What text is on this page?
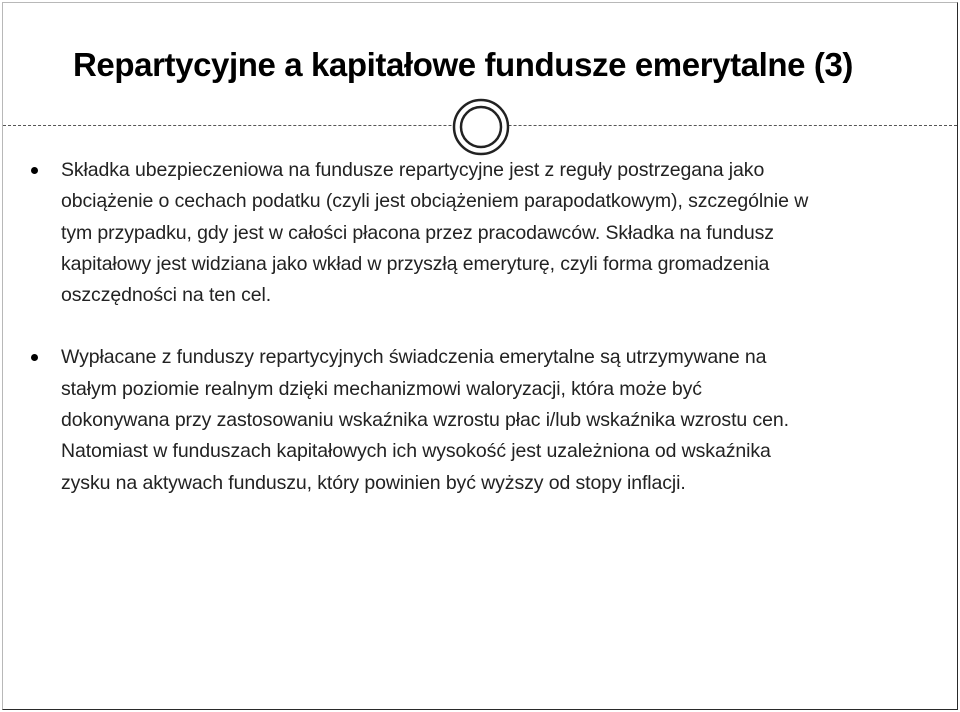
Repartycyjne a kapitałowe fundusze emerytalne (3)
Składka ubezpieczeniowa na fundusze repartycyjne jest z reguły postrzegana jako
obciążenie o cechach podatku (czyli jest obciążeniem parapodatkowym), szczególnie w
tym przypadku, gdy jest w całości płacona przez pracodawców. Składka na fundusz
kapitałowy jest widziana jako wkład w przyszłą emeryturę, czyli forma gromadzenia
oszczędności na ten cel.
Wypłacane z funduszy repartycyjnych świadczenia emerytalne są utrzymywane na
stałym poziomie realnym dzięki mechanizmowi waloryzacji, która może być
dokonywana przy zastosowaniu wskaźnika wzrostu płac i/lub wskaźnika wzrostu cen.
Natomiast w funduszach kapitałowych ich wysokość jest uzależniona od wskaźnika
zysku na aktywach funduszu, który powinien być wyższy od stopy inflacji.
